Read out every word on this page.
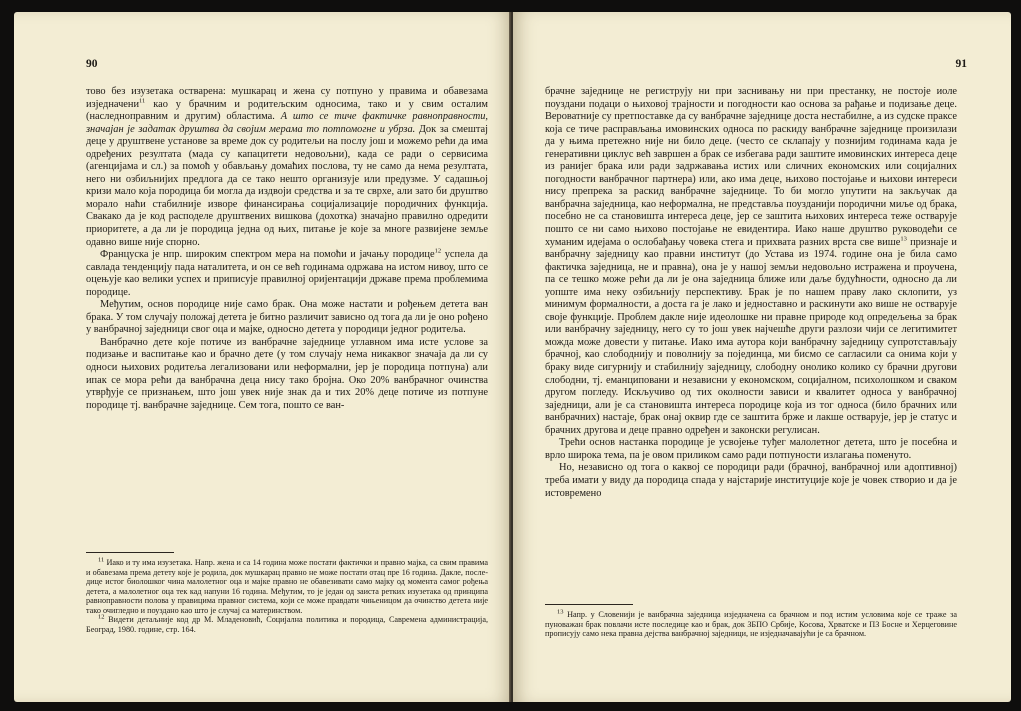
90

тово без изузетака остварена: мушкарац и жена су потпуно у правима и обавезама изједначени$^{11}$ као у брачним и родитељским односима, тако и у свим осталим (наследноправним и другим) областима. А што се тиче фактичке равноправности, значајан је задатак друштва да својим мерама то потпомогне и убрза. Док за смештај деце у друштвене установе за време док су родитељи на послу још и можемо рећи да има одређених резултата (мада су капацитети недовољни), када се ради о сервисима (агенцијама и сл.) за помоћ у обављању домаћих послова, ту не само да нема резултата, него ни озбиљнијих предлога да се тако нешто организује или предузме. У садашњој кризи мало која породица би могла да издвоји средства и за те сврхе, али зато би друштво морало наћи стабилније изворе финансирања социјализације породичних функција. Свакако да је код расподеле друштвених вишкова (дохотка) значајно правилно одредити приоритете, а да ли је породица једна од њих, питање је које за многе развијене земље одавно више није спорно.

Француска је нпр. широким спектром мера на помоћи и јачању породице$^{12}$ успела да савлада тенденцију пада наталитета, и он се већ годинама одржава на истом нивоу, што се оцењује као велики успех и приписује правилној оријентацији државе према проблемима породице.

Међутим, основ породице није само брак. Она може настати и рођењем детета ван брака. У том случају положај детета је битно различит зависно од тога да ли је оно рођено у ванбрачној заједници свог оца и мајке, односно детета у породици једног родитеља.

Ванбрачно дете које потиче из ванбрачне заједнице углавном има исте услове за подизање и васпитање као и брачно дете (у том случају нема никаквог значаја да ли су односи њихових родитеља легализовани или неформални, јер је породица потпуна) али ипак се мора рећи да ванбрачна деца нису тако бројна. Око 20% ванбрачног очинства утврђује се признањем, што још увек није знак да и тих 20% деце потиче из потпуне породице тј. ванбрачне заједнице. Сем тога, пошто се ван-

$^{11}$ Иако и ту има изузетака. Напр. жена и са 14 година може постати фактички и правно мајка, са свим правима и обавезама према детету које је родила, док мушкарац правно не може постати отац пре 16 година. Дакле, после-дице истог биолошког чина малолетног оца и мајке правно не обавезивати само мајку од момента самог рођења детета, а малолетног оца тек кад напуни 16 година. Међутим, то је један од заиста ретких изузетака од принципа равноправности полова у правицима правног система, који се може правдати чињеницом да очинство детета није тако очигледно и поуздано као што је случај са материнством.

$^{12}$ Видети детаљније код др М. Младеновић, Социјална политика и породица, Савремена администрација, Београд, 1980. године, стр. 164.

91

брачне заједнице не региструју ни при заснивању ни при престанку, не постоје иоле поуздани подаци о њиховој трајности и погодности као основа за рађање и подизање деце. Вероватније су претпоставке да су ванбрачне заједнице доста нестабилне, а из судске праксе која се тиче расправљања имовинских односа по раскиду ванбрачне заједнице произилази да у њима претежно није ни било деце. (често се склапају у познијим годинама када је генеративни циклус већ завршен а брак се избегава ради заштите имовинских интереса деце из ранијег брака или ради задржавања истих или сличних економских или социјалних погодности ванбрачног партнера) или, ако има деце, њихово постојање и њихови интереси нису препрека за раскид ванбрачне заједнице. То би могло упутити на закључак да ванбрачна заједница, као неформална, не представља поузданији породични миље од брака, посебно не са становишта интереса деце, јер се заштита њихових интереса теже остварује пошто се ни само њихово постојање не евидентира. Иако наше друштво руководећи се хуманим идејама о ослобађању човека стега и прихвата разних врста све више$^{13}$ признаје и ванбрачну заједницу као правни институт (до Устава из 1974. године она је била само фактичка заједница, не и правна), она је у нашој земљи недовољно истражена и проучена, па се тешко може рећи да ли је она заједница ближе или даље будућности, односно да ли уопште има неку озбиљнију перспективу. Брак је по нашем праву лако склопити, уз минимум формалности, а доста га је лако и једноставно и раскинути ако више не остварује своје функције. Проблем дакле није идеолошке ни правне природе код опредељења за брак или ванбрачну заједницу, него су то још увек најчешће други разлози чији се легитимитет можда може довести у питање. Иако има аутора који ванбрачну заједницу супротстављају брачној, као слободнију и поволнију за појединца, ми бисмо се сагласили са онима који у браку виде сигурнију и стабилнију заједницу, слободну онолико колико су брачни другови слободни, тј. еманциповани и независни у економском, социјалном, психолошком и сваком другом погледу. Искључиво од тих околности зависи и квалитет односа у ванбрачној заједници, али је са становишта интереса породице која из тог односа (било брачних или ванбрачних) настаје, брак онај оквир где се заштита брже и лакше остварује, јер је статус и брачних другова и деце правно одређен и законски регулисан.

Трећи основ настанка породице је усвојење туђег малолетног детета, што је посебна и врло широка тема, па је овом приликом само ради потпуности излагања поменуто.

Но, независно од тога о каквој се породици ради (брачној, ванбрачној или адоптивној) треба имати у виду да породица спада у најстарије институције које је човек створио и да је истовремено

$^{13}$ Напр. у Словенији је ванбрачна заједница изједначена са брачном и под истим условима које се тражe за пуноважан брак повлачи исте последице као и брак, док ЗБПО Србије, Косова, Хрватске и ПЗ Босне и Херцеговине прописују само нека правна дејства ванбрачној заједници, не изједначавајући је са брачном.
